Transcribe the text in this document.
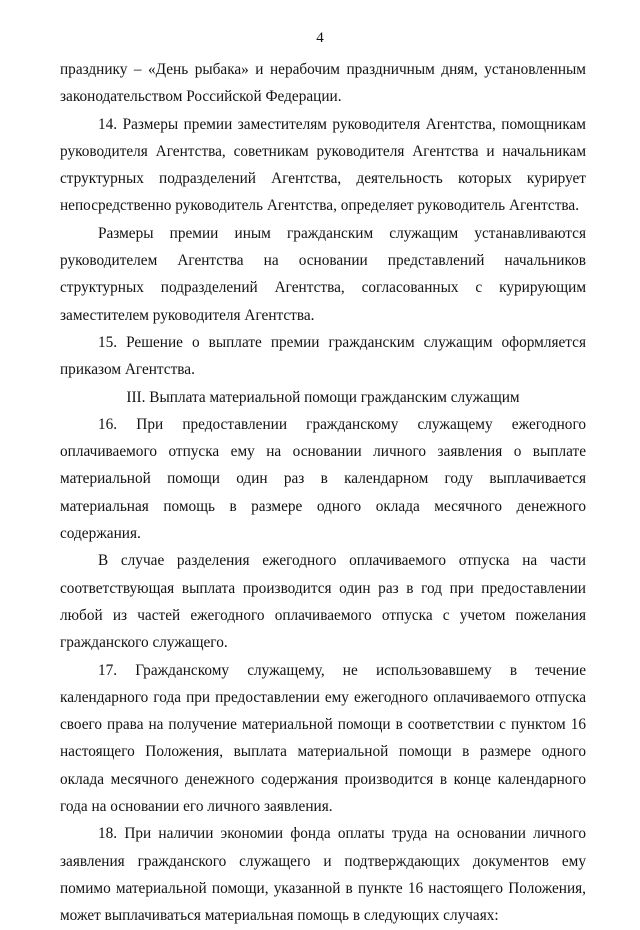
4

празднику – «День рыбака» и нерабочим праздничным дням, установленным законодательством Российской Федерации.

14. Размеры премии заместителям руководителя Агентства, помощникам руководителя Агентства, советникам руководителя Агентства и начальникам структурных подразделений Агентства, деятельность которых курирует непосредственно руководитель Агентства, определяет руководитель Агентства.

Размеры премии иным гражданским служащим устанавливаются руководителем Агентства на основании представлений начальников структурных подразделений Агентства, согласованных с курирующим заместителем руководителя Агентства.

15. Решение о выплате премии гражданским служащим оформляется приказом Агентства.

III. Выплата материальной помощи гражданским служащим

16. При предоставлении гражданскому служащему ежегодного оплачиваемого отпуска ему на основании личного заявления о выплате материальной помощи один раз в календарном году выплачивается материальная помощь в размере одного оклада месячного денежного содержания.

В случае разделения ежегодного оплачиваемого отпуска на части соответствующая выплата производится один раз в год при предоставлении любой из частей ежегодного оплачиваемого отпуска с учетом пожелания гражданского служащего.

17. Гражданскому служащему, не использовавшему в течение календарного года при предоставлении ему ежегодного оплачиваемого отпуска своего права на получение материальной помощи в соответствии с пунктом 16 настоящего Положения, выплата материальной помощи в размере одного оклада месячного денежного содержания производится в конце календарного года на основании его личного заявления.

18. При наличии экономии фонда оплаты труда на основании личного заявления гражданского служащего и подтверждающих документов ему помимо материальной помощи, указанной в пункте 16 настоящего Положения, может выплачиваться материальная помощь в следующих случаях:
